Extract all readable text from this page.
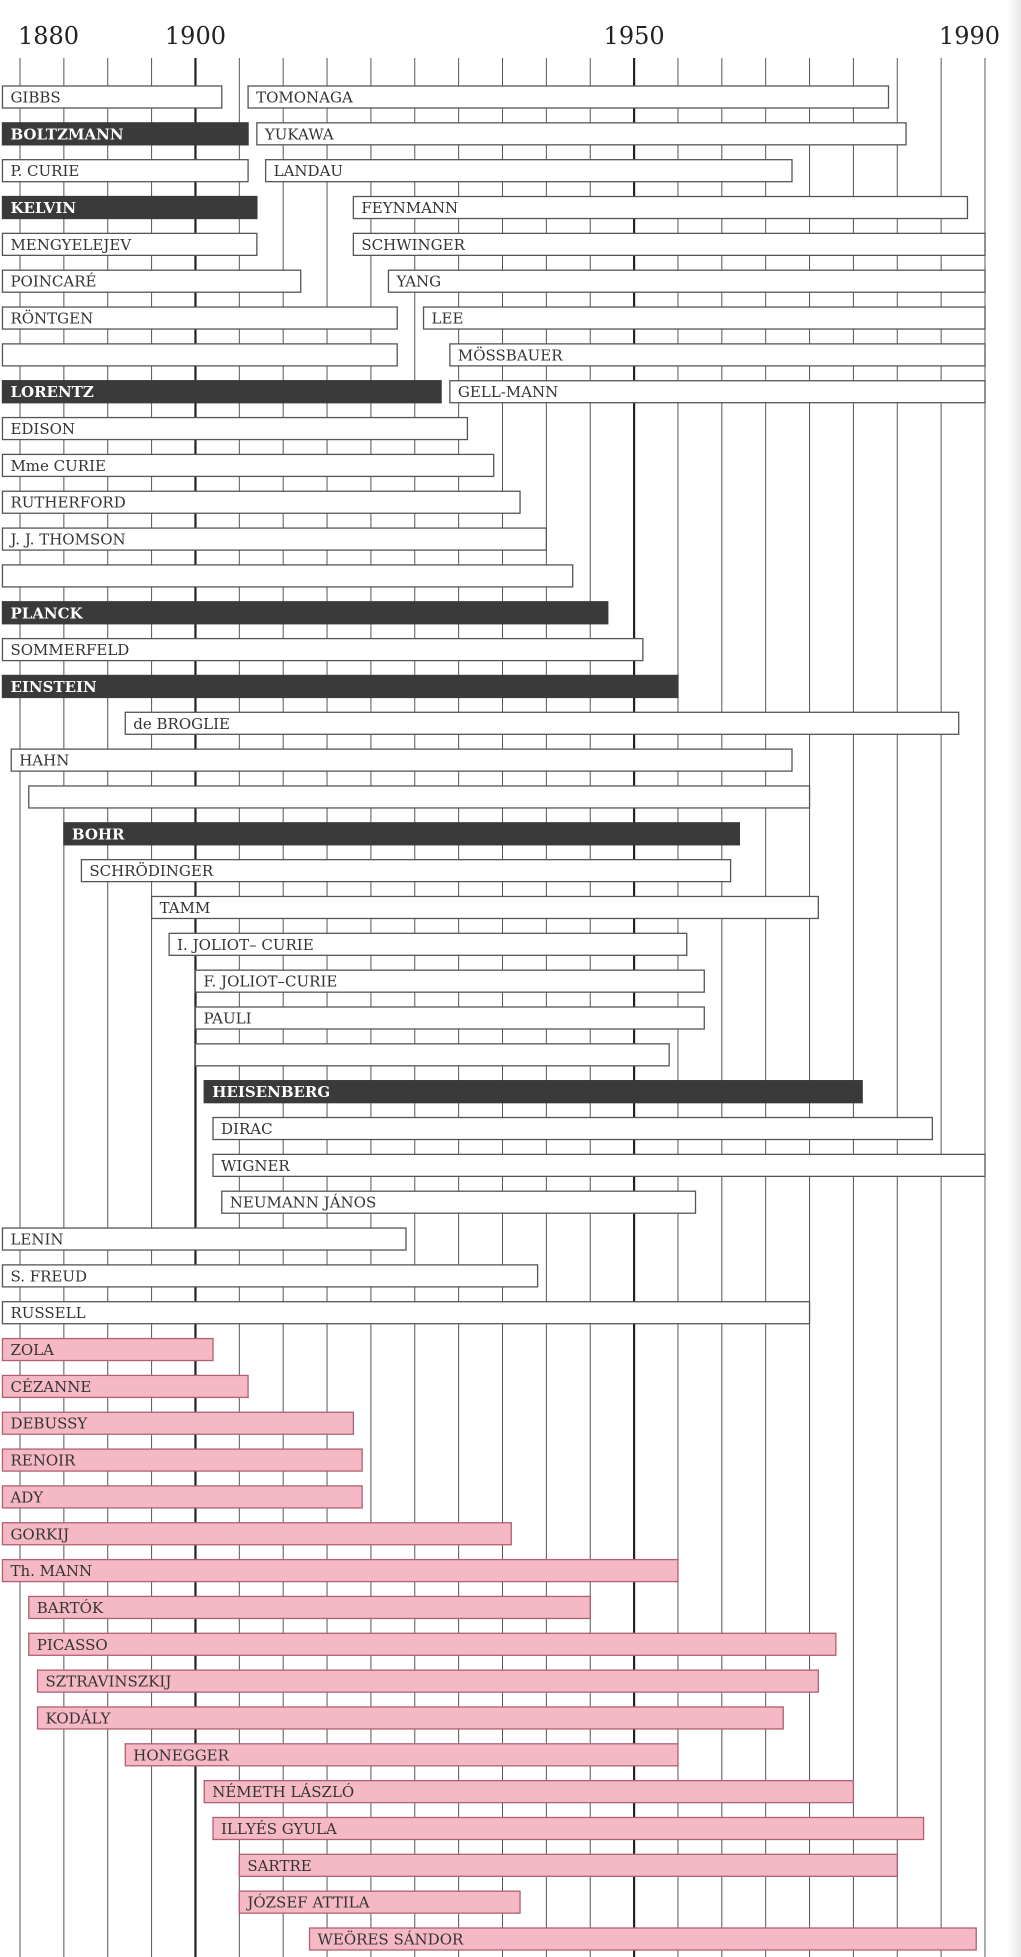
1880	1900	1950	1990
GIBBS	TOMONAGA
BOLTZMANN	YUKAWA
P. CURIE	LANDAU
KELVIN	FEYNMANN
MENGYELEJEV	SCHWINGER
POINCARÉ	YANG
RÖNTGEN	LEE
MÖSSBAUER
LORENTZ	GELL-MANN
EDISON
Mme CURIE
RUTHERFORD
J. J. THOMSON
PLANCK
SOMMERFELD
EINSTEIN
de BROGLIE
HAHN
BOHR
SCHRÖDINGER
TAMM
I. JOLIOT– CURIE
F. JOLIOT–CURIE
PAULI
HEISENBERG
DIRAC
WIGNER
NEUMANN JÁNOS
LENIN
S. FREUD
RUSSELL
ZOLA
CÉZANNE
DEBUSSY
RENOIR
ADY
GORKIJ
Th. MANN
BARTÓK
PICASSO
SZTRAVINSZKIJ
KODÁLY
HONEGGER
NÉMETH LÁSZLÓ
ILLYÉS GYULA
SARTRE
JÓZSEF ATTILA
WEÖRES SÁNDOR
